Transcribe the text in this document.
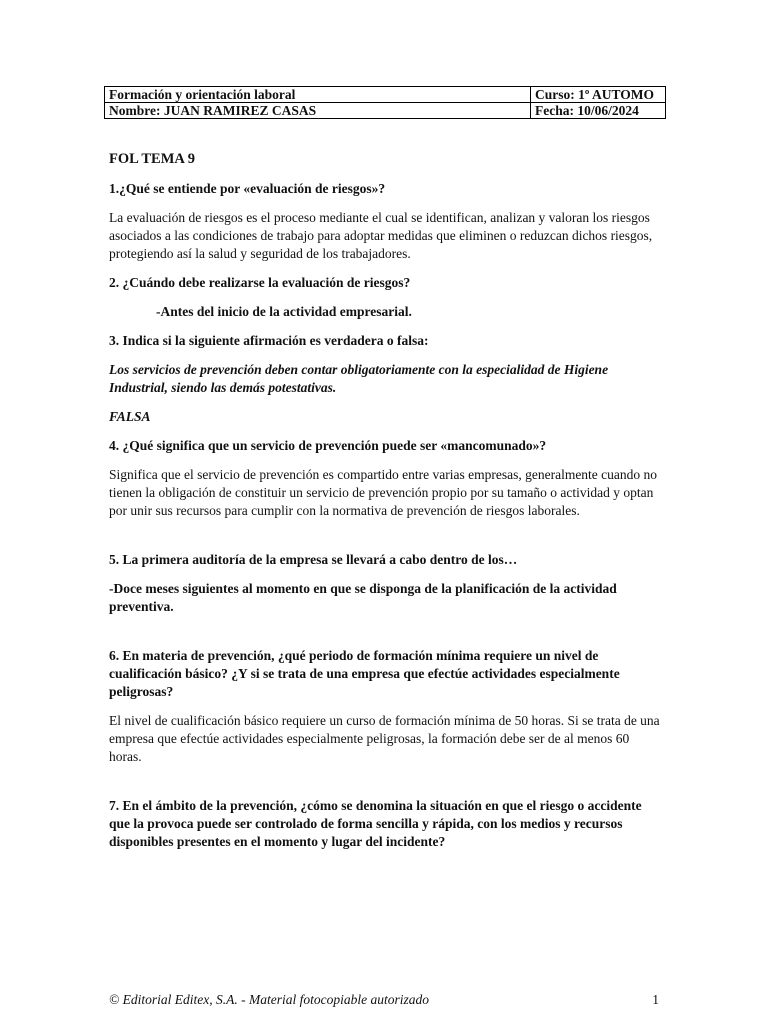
Formación y orientación laboral	Curso: 1º AUTOMO
Nombre: JUAN RAMIREZ CASAS	Fecha: 10/06/2024

FOL TEMA 9

1.¿Qué se entiende por «evaluación de riesgos»?

La evaluación de riesgos es el proceso mediante el cual se identifican, analizan y valoran los riesgos asociados a las condiciones de trabajo para adoptar medidas que eliminen o reduzcan dichos riesgos, protegiendo así la salud y seguridad de los trabajadores.

2. ¿Cuándo debe realizarse la evaluación de riesgos?

-Antes del inicio de la actividad empresarial.

3. Indica si la siguiente afirmación es verdadera o falsa:

Los servicios de prevención deben contar obligatoriamente con la especialidad de Higiene Industrial, siendo las demás potestativas.

FALSA

4. ¿Qué significa que un servicio de prevención puede ser «mancomunado»?

Significa que el servicio de prevención es compartido entre varias empresas, generalmente cuando no tienen la obligación de constituir un servicio de prevención propio por su tamaño o actividad y optan por unir sus recursos para cumplir con la normativa de prevención de riesgos laborales.

5. La primera auditoría de la empresa se llevará a cabo dentro de los…

-Doce meses siguientes al momento en que se disponga de la planificación de la actividad preventiva.

6. En materia de prevención, ¿qué periodo de formación mínima requiere un nivel de cualificación básico? ¿Y si se trata de una empresa que efectúe actividades especialmente peligrosas?

El nivel de cualificación básico requiere un curso de formación mínima de 50 horas. Si se trata de una empresa que efectúe actividades especialmente peligrosas, la formación debe ser de al menos 60 horas.

7. En el ámbito de la prevención, ¿cómo se denomina la situación en que el riesgo o accidente que la provoca puede ser controlado de forma sencilla y rápida, con los medios y recursos disponibles presentes en el momento y lugar del incidente?

© Editorial Editex, S.A. - Material fotocopiable autorizado	1
